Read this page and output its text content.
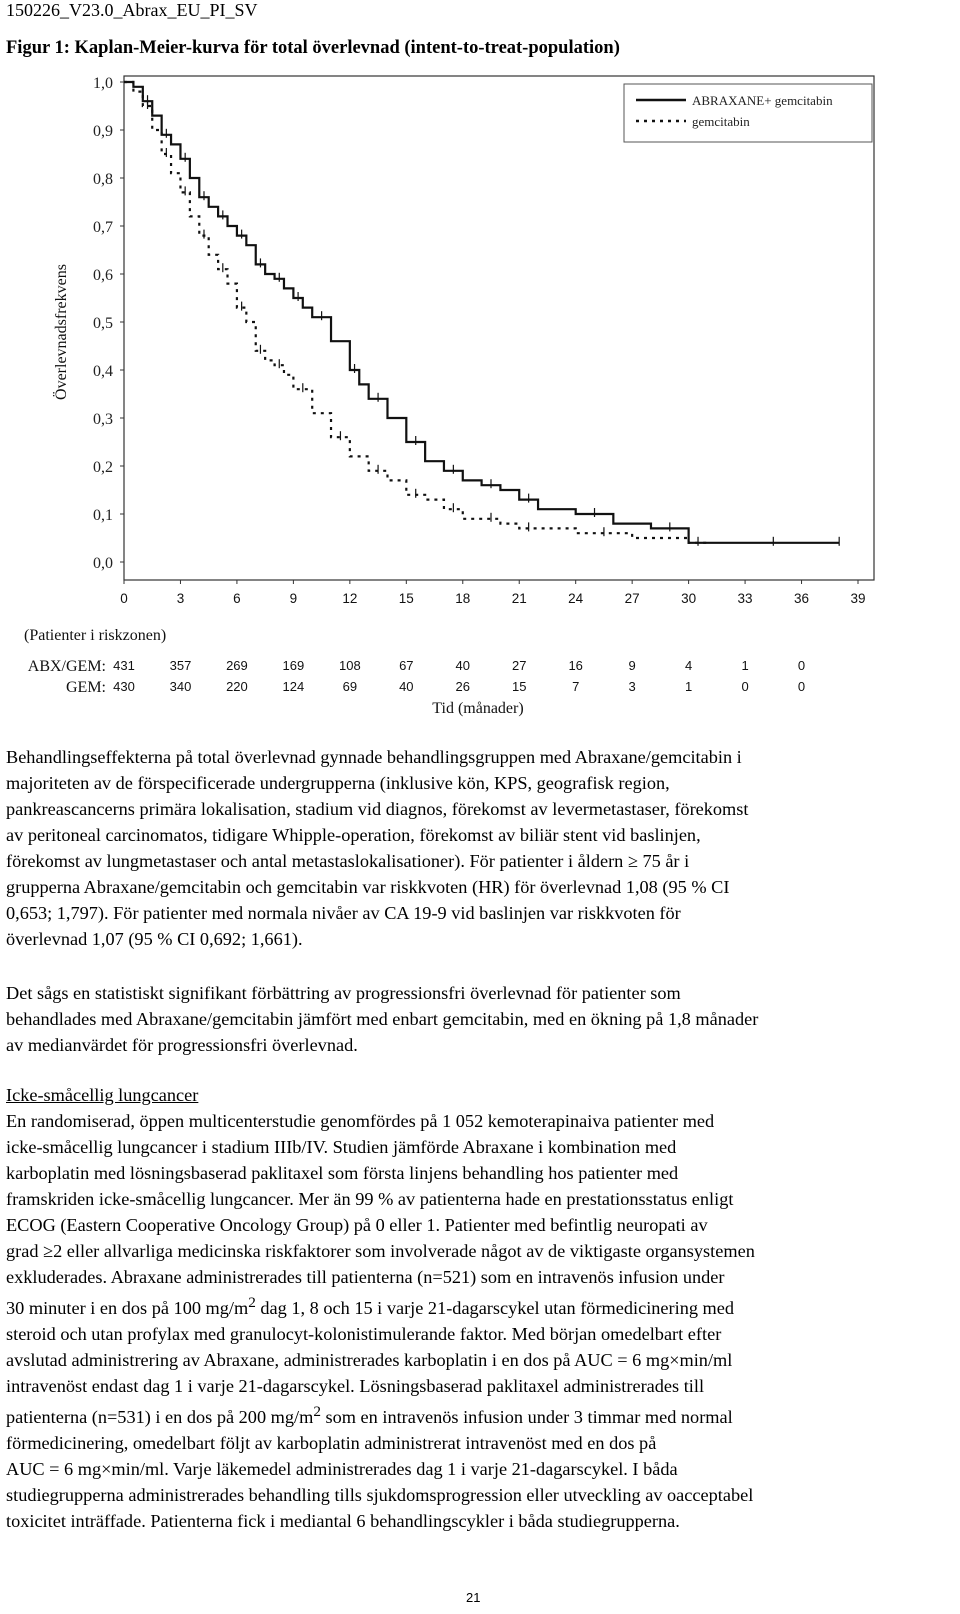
150226_V23.0_Abrax_EU_PI_SV
Figur 1: Kaplan-Meier-kurva för total överlevnad (intent-to-treat-population)
0,0
0,1
0,2
0,3
0,4
0,5
0,6
0,7
0,8
0,9
1,0
0	3	6	9	12	15	18	21	24	27	30	33	36	39
ABRAXANE+ gemcitabin
gemcitabin
Överlevnadsfrekvens
(Patienter i riskzonen)
ABX/GEM:
GEM:
431	357	269	169	108	67	40	27	16	9	4	1	0
430	340	220	124	69	40	26	15	7	3	1	0	0
Tid (månader)
Behandlingseffekterna på total överlevnad gynnade behandlingsgruppen med Abraxane/gemcitabin i
majoriteten av de förspecificerade undergrupperna (inklusive kön, KPS, geografisk region,
pankreascancerns primära lokalisation, stadium vid diagnos, förekomst av levermetastaser, förekomst
av peritoneal carcinomatos, tidigare Whipple-operation, förekomst av biliär stent vid baslinjen,
förekomst av lungmetastaser och antal metastaslokalisationer). För patienter i åldern ≥ 75 år i
grupperna Abraxane/gemcitabin och gemcitabin var riskkvoten (HR) för överlevnad 1,08 (95 % CI
0,653; 1,797). För patienter med normala nivåer av CA 19-9 vid baslinjen var riskkvoten för
överlevnad 1,07 (95 % CI 0,692; 1,661).
Det sågs en statistiskt signifikant förbättring av progressionsfri överlevnad för patienter som
behandlades med Abraxane/gemcitabin jämfört med enbart gemcitabin, med en ökning på 1,8 månader
av medianvärdet för progressionsfri överlevnad.
Icke-småcellig lungcancer
En randomiserad, öppen multicenterstudie genomfördes på 1 052 kemoterapinaiva patienter med
icke-småcellig lungcancer i stadium IIIb/IV. Studien jämförde Abraxane i kombination med
karboplatin med lösningsbaserad paklitaxel som första linjens behandling hos patienter med
framskriden icke-småcellig lungcancer. Mer än 99 % av patienterna hade en prestationsstatus enligt
ECOG (Eastern Cooperative Oncology Group) på 0 eller 1. Patienter med befintlig neuropati av
grad ≥2 eller allvarliga medicinska riskfaktorer som involverade något av de viktigaste organsystemen
exkluderades. Abraxane administrerades till patienterna (n=521) som en intravenös infusion under
30 minuter i en dos på 100 $mg/m^2$ dag 1, 8 och 15 i varje 21-dagarscykel utan förmedicinering med
steroid och utan profylax med granulocyt-kolonistimulerande faktor. Med början omedelbart efter
avslutad administrering av Abraxane, administrerades karboplatin i en dos på AUC = 6 mg×min/ml
intravenöst endast dag 1 i varje 21-dagarscykel. Lösningsbaserad paklitaxel administrerades till
patienterna (n=531) i en dos på 200 $mg/m^2$ som en intravenös infusion under 3 timmar med normal
förmedicinering, omedelbart följt av karboplatin administrerat intravenöst med en dos på
AUC = 6 mg×min/ml. Varje läkemedel administrerades dag 1 i varje 21-dagarscykel. I båda
studiegrupperna administrerades behandling tills sjukdomsprogression eller utveckling av oacceptabel
toxicitet inträffade. Patienterna fick i mediantal 6 behandlingscykler i båda studiegrupperna.
21
